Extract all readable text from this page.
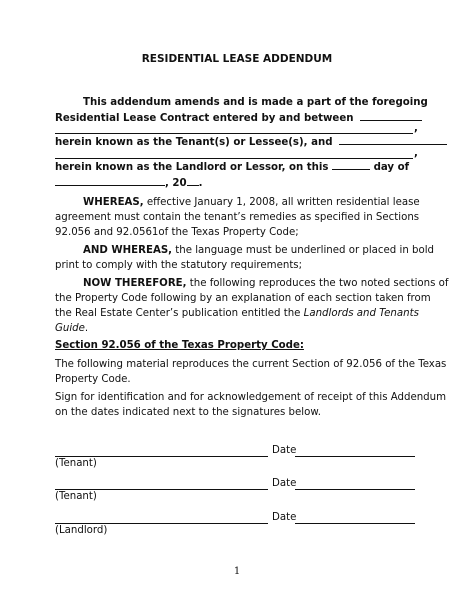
RESIDENTIAL LEASE ADDENDUM
This addendum amends and is made a part of the foregoing
Residential Lease Contract entered by and between
,
herein known as the Tenant(s) or Lessee(s), and
,
herein known as the Landlord or Lessor, on this	day of
, 20 .
WHEREAS, effective January 1, 2008, all written residential lease
agreement must contain the tenant’s remedies as specified in Sections
92.056 and 92.0561of the Texas Property Code;
AND WHEREAS, the language must be underlined or placed in bold
print to comply with the statutory requirements;
NOW THEREFORE, the following reproduces the two noted sections of
the Property Code following by an explanation of each section taken from
the Real Estate Center’s publication entitled the Landlords and Tenants
Guide.
Section 92.056 of the Texas Property Code:
The following material reproduces the current Section of 92.056 of the Texas
Property Code.
Sign for identification and for acknowledgement of receipt of this Addendum
on the dates indicated next to the signatures below.
Date
(Tenant)
Date
(Tenant)
Date
(Landlord)
1
